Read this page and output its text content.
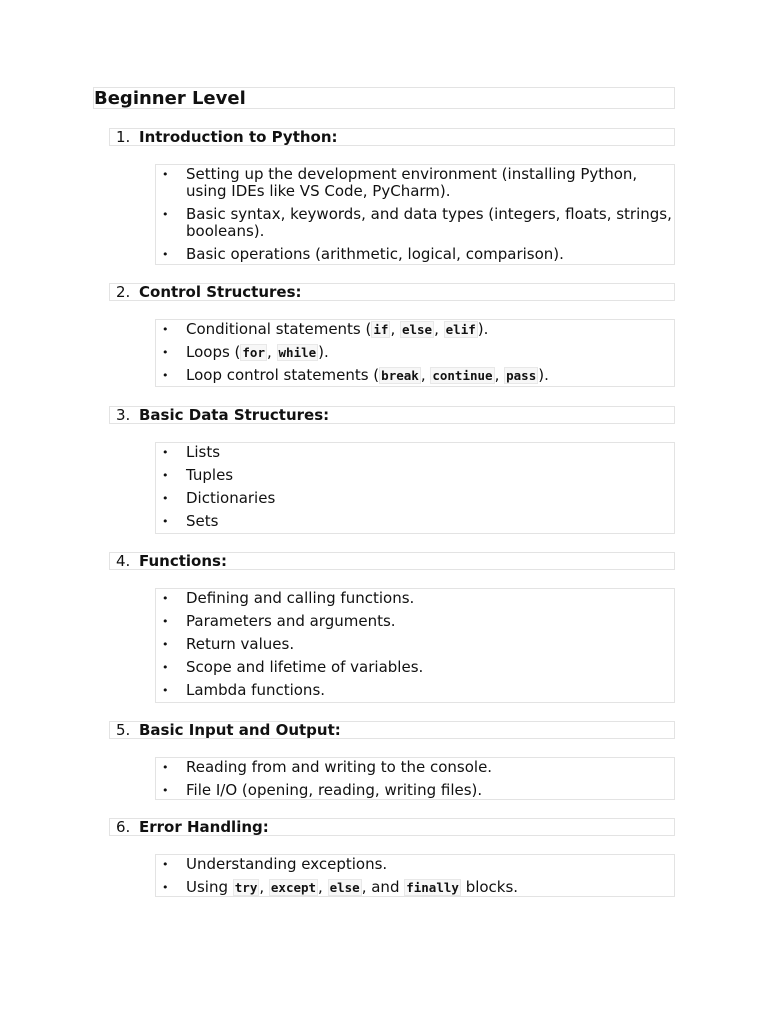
Beginner Level
1. Introduction to Python:
• Setting up the development environment (installing Python, using IDEs like VS Code, PyCharm).
• Basic syntax, keywords, and data types (integers, floats, strings, booleans).
• Basic operations (arithmetic, logical, comparison).
2. Control Structures:
• Conditional statements ( if , else , elif ).
• Loops ( for , while ).
• Loop control statements ( break , continue , pass ).
3. Basic Data Structures:
• Lists
• Tuples
• Dictionaries
• Sets
4. Functions:
• Defining and calling functions.
• Parameters and arguments.
• Return values.
• Scope and lifetime of variables.
• Lambda functions.
5. Basic Input and Output:
• Reading from and writing to the console.
• File I/O (opening, reading, writing files).
6. Error Handling:
• Understanding exceptions.
• Using try , except , else , and finally blocks.
